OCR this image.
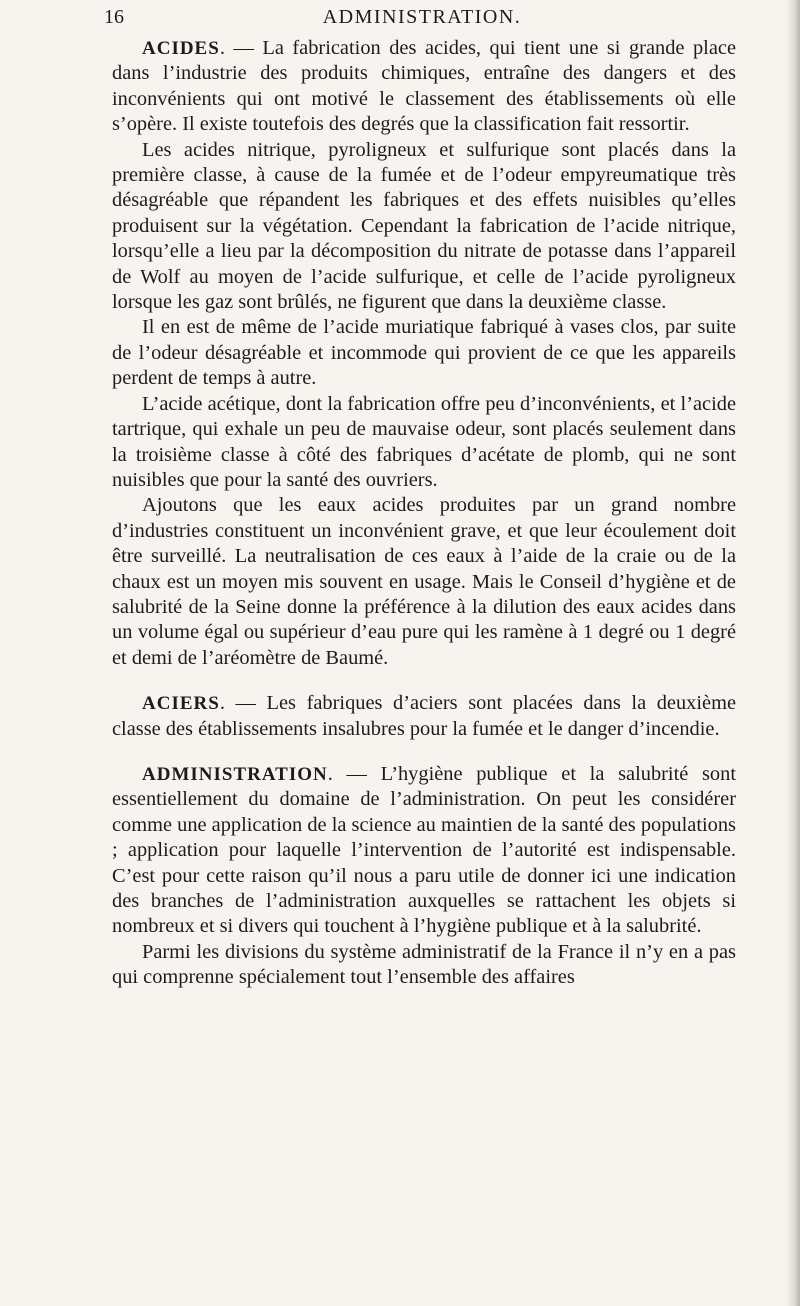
16	ADMINISTRATION.

ACIDES. — La fabrication des acides, qui tient une si grande place dans l’industrie des produits chimiques, entraîne des dangers et des inconvénients qui ont motivé le classement des établissements où elle s’opère. Il existe toutefois des degrés que la classification fait ressortir.

Les acides nitrique, pyroligneux et sulfurique sont placés dans la première classe, à cause de la fumée et de l’odeur empyreumatique très désagréable que répandent les fabriques et des effets nuisibles qu’elles produisent sur la végétation. Cependant la fabrication de l’acide nitrique, lorsqu’elle a lieu par la décomposition du nitrate de potasse dans l’appareil de Wolf au moyen de l’acide sulfurique, et celle de l’acide pyroligneux lorsque les gaz sont brûlés, ne figurent que dans la deuxième classe.

Il en est de même de l’acide muriatique fabriqué à vases clos, par suite de l’odeur désagréable et incommode qui provient de ce que les appareils perdent de temps à autre.

L’acide acétique, dont la fabrication offre peu d’inconvénients, et l’acide tartrique, qui exhale un peu de mauvaise odeur, sont placés seulement dans la troisième classe à côté des fabriques d’acétate de plomb, qui ne sont nuisibles que pour la santé des ouvriers.

Ajoutons que les eaux acides produites par un grand nombre d’industries constituent un inconvénient grave, et que leur écoulement doit être surveillé. La neutralisation de ces eaux à l’aide de la craie ou de la chaux est un moyen mis souvent en usage. Mais le Conseil d’hygiène et de salubrité de la Seine donne la préférence à la dilution des eaux acides dans un volume égal ou supérieur d’eau pure qui les ramène à 1 degré ou 1 degré et demi de l’aréomètre de Baumé.

ACIERS. — Les fabriques d’aciers sont placées dans la deuxième classe des établissements insalubres pour la fumée et le danger d’incendie.

ADMINISTRATION. — L’hygiène publique et la salubrité sont essentiellement du domaine de l’administration. On peut les considérer comme une application de la science au maintien de la santé des populations ; application pour laquelle l’intervention de l’autorité est indispensable. C’est pour cette raison qu’il nous a paru utile de donner ici une indication des branches de l’administration auxquelles se rattachent les objets si nombreux et si divers qui touchent à l’hygiène publique et à la salubrité.

Parmi les divisions du système administratif de la France il n’y en a pas qui comprenne spécialement tout l’ensemble des affaires
